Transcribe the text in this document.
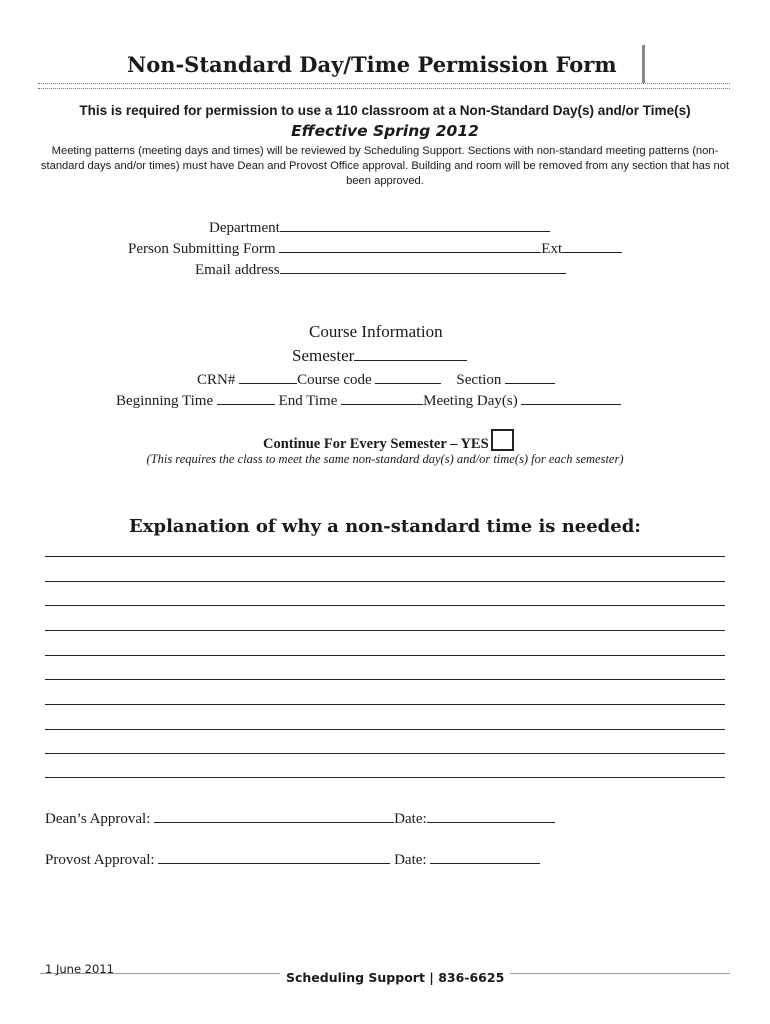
Non-Standard Day/Time Permission Form
This is required for permission to use a 110 classroom at a Non-Standard Day(s) and/or Time(s)
Effective Spring 2012
Meeting patterns (meeting days and times) will be reviewed by Scheduling Support. Sections with non-standard meeting patterns (non-standard days and/or times) must have Dean and Provost Office approval. Building and room will be removed from any section that has not been approved.
Department
Person Submitting Form	Ext
Email address
Course Information
Semester
CRN#	Course code	Section
Beginning Time	End Time	Meeting Day(s)
Continue For Every Semester – YES
(This requires the class to meet the same non-standard day(s) and/or time(s) for each semester)
Explanation of why a non-standard time is needed:
Dean’s Approval:	Date:
Provost Approval:	Date:
1 June 2011
Scheduling Support | 836-6625
